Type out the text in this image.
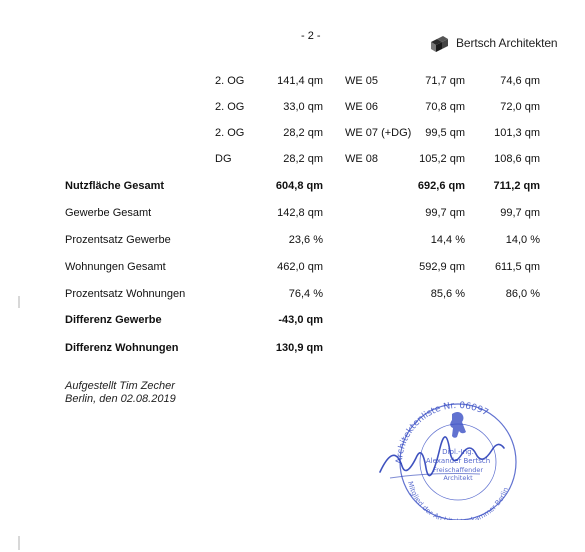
- 2 -	Bertsch Architekten
2. OG	141,4 qm WE 05	71,7 qm	74,6 qm
2. OG	33,0 qm WE 06	70,8 qm	72,0 qm
2. OG	28,2 qm WE 07 (+DG) 99,5 qm	101,3 qm
DG	28,2 qm WE 08	105,2 qm	108,6 qm
Nutzfläche Gesamt	604,8 qm	692,6 qm	711,2 qm
Gewerbe Gesamt	142,8 qm	99,7 qm	99,7 qm
Prozentsatz Gewerbe	23,6 %	14,4 %	14,0 %
Wohnungen Gesamt	462,0 qm	592,9 qm	611,5 qm
Prozentsatz Wohnungen	76,4 %	85,6 %	86,0 %
Differenz Gewerbe	-43,0 qm
Differenz Wohnungen	130,9 qm
Aufgestellt Tim Zecher
Berlin, den 02.08.2019
Architektenliste Nr. 06097
Mitglied der Arc kammer Berlin
Dipl.-Ing.
Alexander Bertsch
Freischaffender
Architekt
